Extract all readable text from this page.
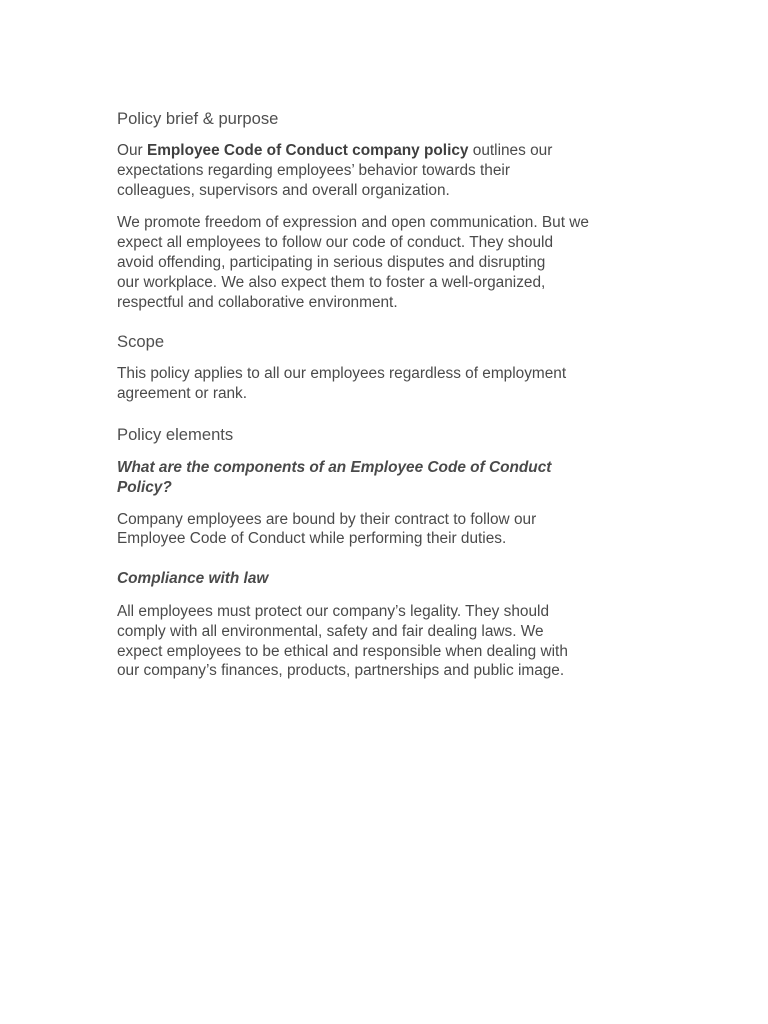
Policy brief & purpose

Our Employee Code of Conduct company policy outlines our
expectations regarding employees’ behavior towards their
colleagues, supervisors and overall organization.

We promote freedom of expression and open communication. But we
expect all employees to follow our code of conduct. They should
avoid offending, participating in serious disputes and disrupting
our workplace. We also expect them to foster a well-organized,
respectful and collaborative environment.

Scope

This policy applies to all our employees regardless of employment
agreement or rank.

Policy elements

What are the components of an Employee Code of Conduct
Policy?

Company employees are bound by their contract to follow our
Employee Code of Conduct while performing their duties.

Compliance with law

All employees must protect our company’s legality. They should
comply with all environmental, safety and fair dealing laws. We
expect employees to be ethical and responsible when dealing with
our company’s finances, products, partnerships and public image.
